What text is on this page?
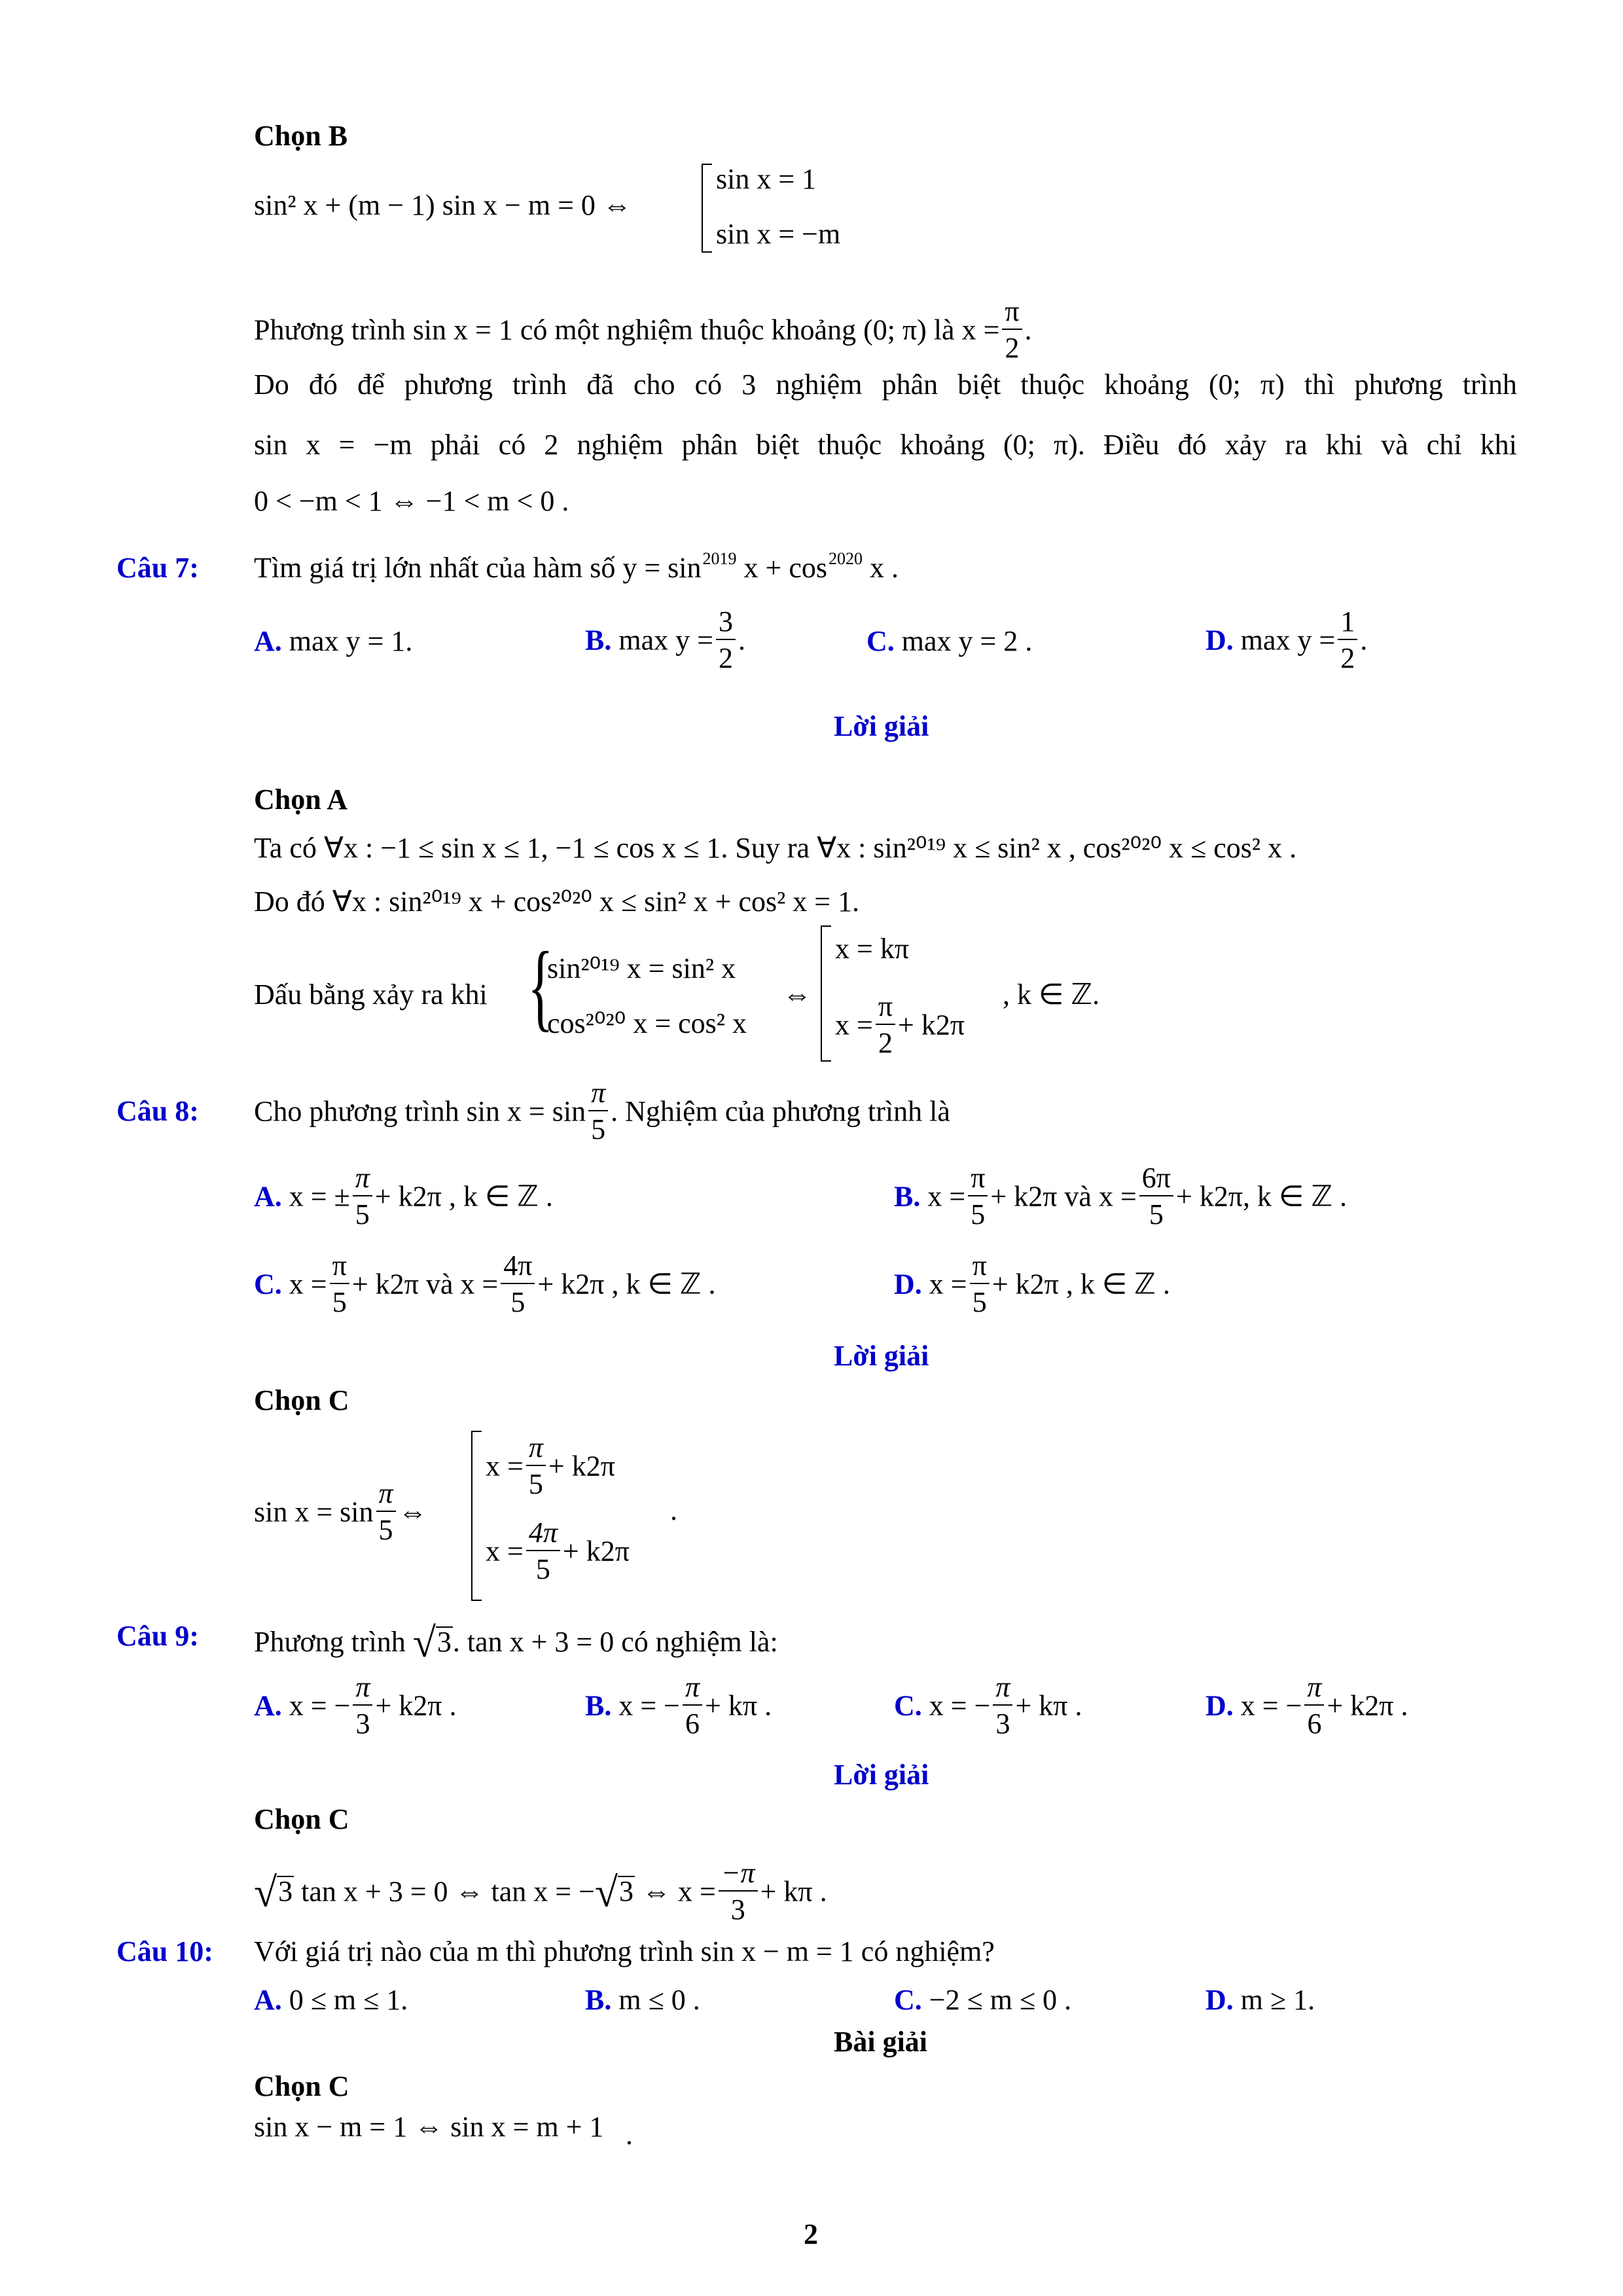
Chọn B
sin² x + (m − 1) sin x − m = 0 ⇔
sin x = 1
sin x = −m
Phương trình sin x = 1 có một nghiệm thuộc khoảng (0; π) là $x = \frac{\pi}{2}$ .
Do đó để phương trình đã cho có 3 nghiệm phân biệt thuộc khoảng (0; π) thì phương trình
sin x = −m phải có 2 nghiệm phân biệt thuộc khoảng (0; π). Điều đó xảy ra khi và chỉ khi
0 < −m < 1 ⇔ −1 < m < 0 .
Câu 7: Tìm giá trị lớn nhất của hàm số $y = \sin^{2019} x + \cos^{2020} x$ .
A. max y = 1.	B. $\max y = \frac{3}{2}$ .	C. max y = 2 .	D. $\max y = \frac{1}{2}$ .
Lời giải
Chọn A
Ta có ∀x : −1 ≤ sin x ≤ 1, −1 ≤ cos x ≤ 1. Suy ra ∀x : sin²⁰¹⁹ x ≤ sin² x , cos²⁰²⁰ x ≤ cos² x .
Do đó ∀x : sin²⁰¹⁹ x + cos²⁰²⁰ x ≤ sin² x + cos² x = 1.
Dấu bằng xảy ra khi {
sin²⁰¹⁹ x = sin² x
cos²⁰²⁰ x = cos² x
⇔
x = kπ
$x = \frac{\pi}{2} + k2\pi$
, k ∈ ℤ.
Câu 8: Cho phương trình $\sin x = \sin \frac{\pi}{5}$ . Nghiệm của phương trình là
A. x = ± $\frac{\pi}{5} + k2\pi$ , k ∈ ℤ .	B. $x = \frac{\pi}{5} + k2\pi$ và $x = \frac{6\pi}{5} + k2\pi$, k ∈ ℤ .
C. $x = \frac{\pi}{5} + k2\pi$ và $x = \frac{4\pi}{5} + k2\pi$ , k ∈ ℤ .	D. $x = \frac{\pi}{5} + k2\pi$ , k ∈ ℤ .
Lời giải
Chọn C
$\sin x = \sin \frac{\pi}{5}$ ⇔
$x = \frac{\pi}{5} + k2\pi$
$x = \frac{4\pi}{5} + k2\pi$
.
Câu 9: Phương trình √3. tan x + 3 = 0 có nghiệm là:
A. x = − $\frac{\pi}{3} + k2\pi$ .	B. x = − $\frac{\pi}{6} + k\pi$ .	C. x = − $\frac{\pi}{3} + k\pi$ .	D. x = − $\frac{\pi}{6} + k2\pi$ .
Lời giải
Chọn C
√3 tan x + 3 = 0 ⇔ tan x = −√3 ⇔ $x = \frac{-\pi}{3} + k\pi$ .
Câu 10: Với giá trị nào của m thì phương trình sin x − m = 1 có nghiệm?
A. 0 ≤ m ≤ 1.	B. m ≤ 0 .	C. −2 ≤ m ≤ 0 .	D. m ≥ 1.
Bài giải
Chọn C
sin x − m = 1 ⇔ sin x = m + 1 .
2
